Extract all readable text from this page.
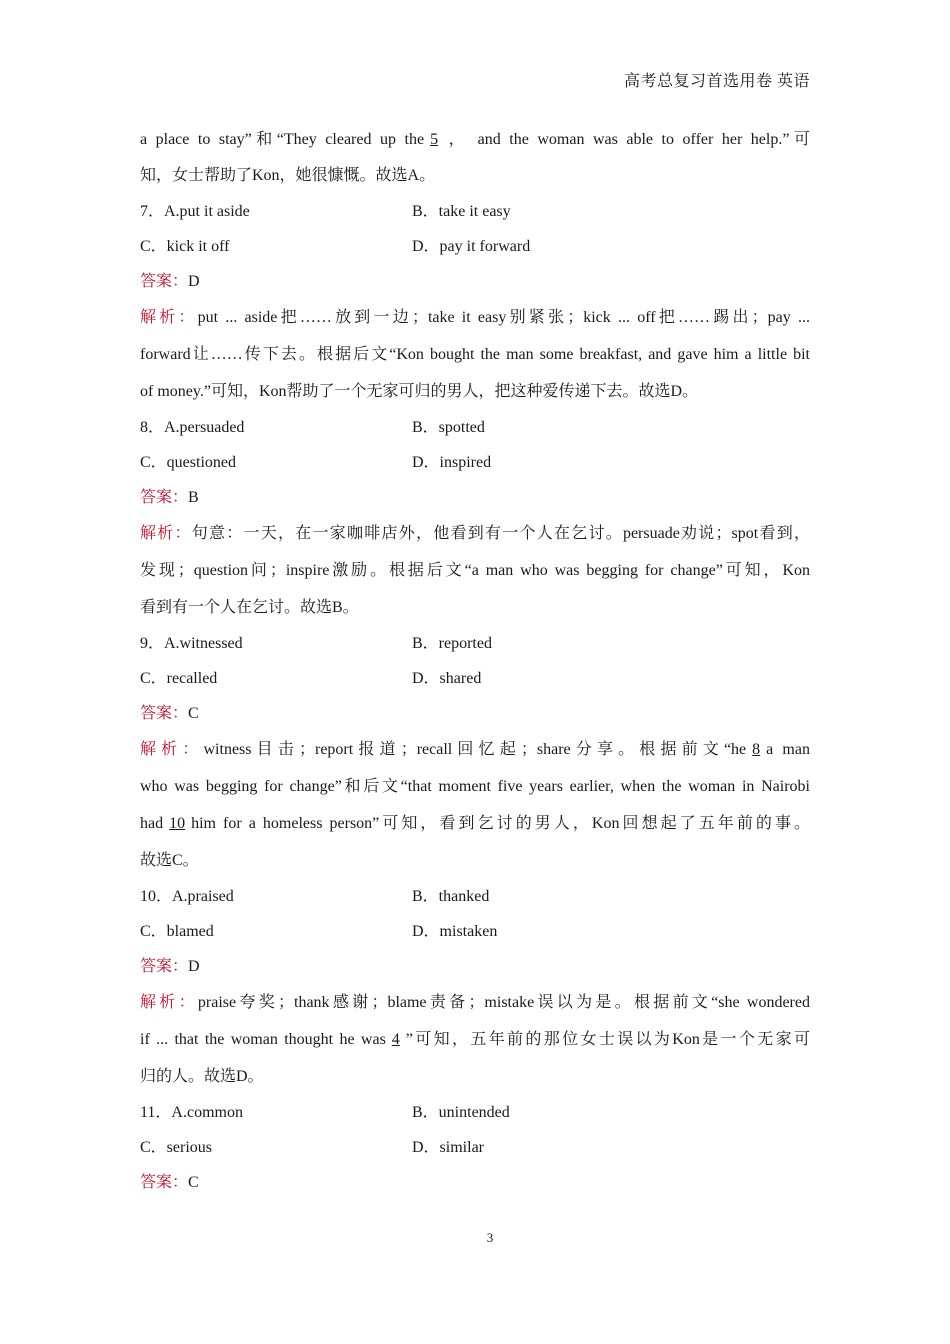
高考总复习首选用卷 英语
a place to stay”和“They cleared up the 5 ， and the woman was able to offer her help.”可
知，女士帮助了Kon，她很慷慨。故选A。
7．A.put it aside	B．take it easy
C．kick it off	D．pay it forward
答案：D
解析：put ... aside把……放到一边；take it easy别紧张；kick ... off把……踢出；pay ...
forward让……传下去。根据后文“Kon bought the man some breakfast, and gave him a little bit
of money.”可知，Kon帮助了一个无家可归的男人，把这种爱传递下去。故选D。
8．A.persuaded	B．spotted
C．questioned	D．inspired
答案：B
解析：句意：一天，在一家咖啡店外，他看到有一个人在乞讨。persuade劝说；spot看到，
发现；question问；inspire激励。根据后文“a man who was begging for change”可知，Kon
看到有一个人在乞讨。故选B。
9．A.witnessed	B．reported
C．recalled	D．shared
答案：C
解析：witness目击；report报道；recall回忆起；share分享。根据前文“he 8 a man
who was begging for change”和后文“that moment five years earlier, when the woman in Nairobi
had 10 him for a homeless person”可知，看到乞讨的男人，Kon回想起了五年前的事。
故选C。
10．A.praised	B．thanked
C．blamed	D．mistaken
答案：D
解析：praise夸奖；thank感谢；blame责备；mistake误以为是。根据前文“she wondered
if ... that the woman thought he was 4 ”可知，五年前的那位女士误以为Kon是一个无家可
归的人。故选D。
11．A.common	B．unintended
C．serious	D．similar
答案：C
3
